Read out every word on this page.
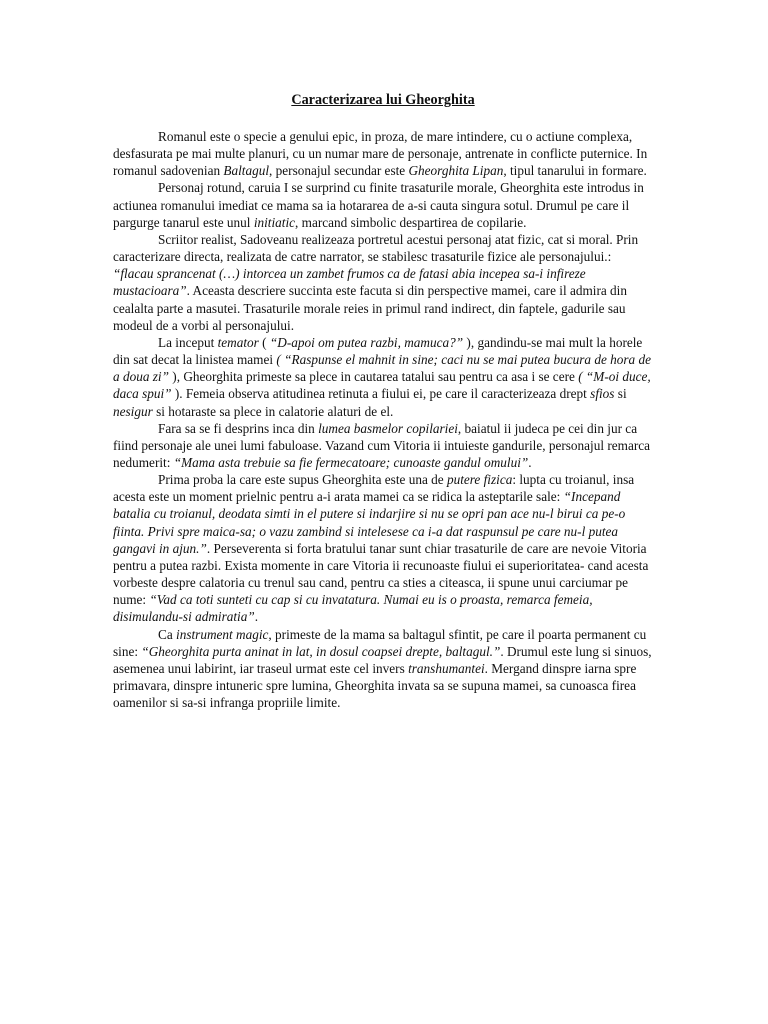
Caracterizarea lui Gheorghita

Romanul este o specie a genului epic, in proza, de mare intindere, cu o actiune complexa, desfasurata pe mai multe planuri, cu un numar mare de personaje, antrenate in conflicte puternice. In romanul sadovenian Baltagul, personajul secundar este Gheorghita Lipan, tipul tanarului in formare.

Personaj rotund, caruia I se surprind cu finite trasaturile morale, Gheorghita este introdus in actiunea romanului imediat ce mama sa ia hotararea de a-si cauta singura sotul. Drumul pe care il pargurge tanarul este unul initiatic, marcand simbolic despartirea de copilarie.

Scriitor realist, Sadoveanu realizeaza portretul acestui personaj atat fizic, cat si moral. Prin caracterizare directa, realizata de catre narrator, se stabilesc trasaturile fizice ale personajului.: “flacau sprancenat (…) intorcea un zambet frumos ca de fatasi abia incepea sa-i infireze mustacioara”. Aceasta descriere succinta este facuta si din perspective mamei, care il admira din cealalta parte a masutei. Trasaturile morale reies in primul rand indirect, din faptele, gadurile sau modeul de a vorbi al personajului.

La inceput temator ( “D-apoi om putea razbi, mamuca?” ), gandindu-se mai mult la horele din sat decat la linistea mamei ( “Raspunse el mahnit in sine; caci nu se mai putea bucura de hora de a doua zi” ), Gheorghita primeste sa plece in cautarea tatalui sau pentru ca asa i se cere ( “M-oi duce, daca spui” ). Femeia observa atitudinea retinuta a fiului ei, pe care il caracterizeaza drept sfios si nesigur si hotaraste sa plece in calatorie alaturi de el.

Fara sa se fi desprins inca din lumea basmelor copilariei, baiatul ii judeca pe cei din jur ca fiind personaje ale unei lumi fabuloase. Vazand cum Vitoria ii intuieste gandurile, personajul remarca nedumerit: “Mama asta trebuie sa fie fermecatoare; cunoaste gandul omului”.

Prima proba la care este supus Gheorghita este una de putere fizica: lupta cu troianul, insa acesta este un moment prielnic pentru a-i arata mamei ca se ridica la asteptarile sale: “Incepand batalia cu troianul, deodata simti in el putere si indarjire si nu se opri pan ace nu-l birui ca pe-o fiinta. Privi spre maica-sa; o vazu zambind si intelesese ca i-a dat raspunsul pe care nu-l putea gangavi in ajun.”. Perseverenta si forta bratului tanar sunt chiar trasaturile de care are nevoie Vitoria pentru a putea razbi. Exista momente in care Vitoria ii recunoaste fiului ei superioritatea- cand acesta vorbeste despre calatoria cu trenul sau cand, pentru ca sties a citeasca, ii spune unui carciumar pe nume: “Vad ca toti sunteti cu cap si cu invatatura. Numai eu is o proasta, remarca femeia, disimulandu-si admiratia”.

Ca instrument magic, primeste de la mama sa baltagul sfintit, pe care il poarta permanent cu sine: “Gheorghita purta aninat in lat, in dosul coapsei drepte, baltagul.”. Drumul este lung si sinuos, asemenea unui labirint, iar traseul urmat este cel invers transhumantei. Mergand dinspre iarna spre primavara, dinspre intuneric spre lumina, Gheorghita invata sa se supuna mamei, sa cunoasca firea oamenilor si sa-si infranga propriile limite.
